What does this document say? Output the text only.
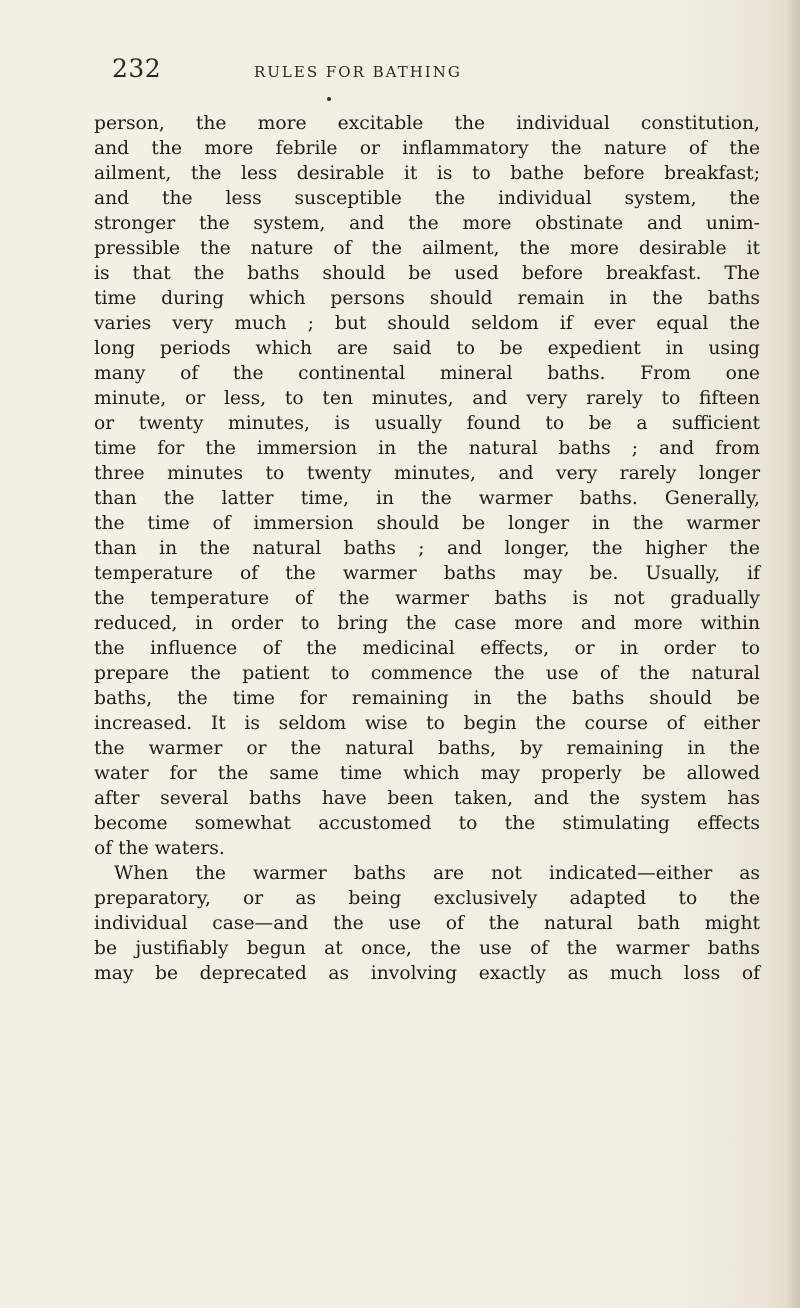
232	RULES FOR BATHING
person, the more excitable the individual constitution,
and the more febrile or inflammatory the nature of the
ailment, the less desirable it is to bathe before breakfast;
and the less susceptible the individual system, the
stronger the system, and the more obstinate and unim-
pressible the nature of the ailment, the more desirable it
is that the baths should be used before breakfast. The
time during which persons should remain in the baths
varies very much ; but should seldom if ever equal the
long periods which are said to be expedient in using
many of the continental mineral baths. From one
minute, or less, to ten minutes, and very rarely to fifteen
or twenty minutes, is usually found to be a sufficient
time for the immersion in the natural baths ; and from
three minutes to twenty minutes, and very rarely longer
than the latter time, in the warmer baths. Generally,
the time of immersion should be longer in the warmer
than in the natural baths ; and longer, the higher the
temperature of the warmer baths may be. Usually, if
the temperature of the warmer baths is not gradually
reduced, in order to bring the case more and more within
the influence of the medicinal effects, or in order to
prepare the patient to commence the use of the natural
baths, the time for remaining in the baths should be
increased. It is seldom wise to begin the course of either
the warmer or the natural baths, by remaining in the
water for the same time which may properly be allowed
after several baths have been taken, and the system has
become somewhat accustomed to the stimulating effects
of the waters.
When the warmer baths are not indicated—either as
preparatory, or as being exclusively adapted to the
individual case—and the use of the natural bath might
be justifiably begun at once, the use of the warmer baths
may be deprecated as involving exactly as much loss of
